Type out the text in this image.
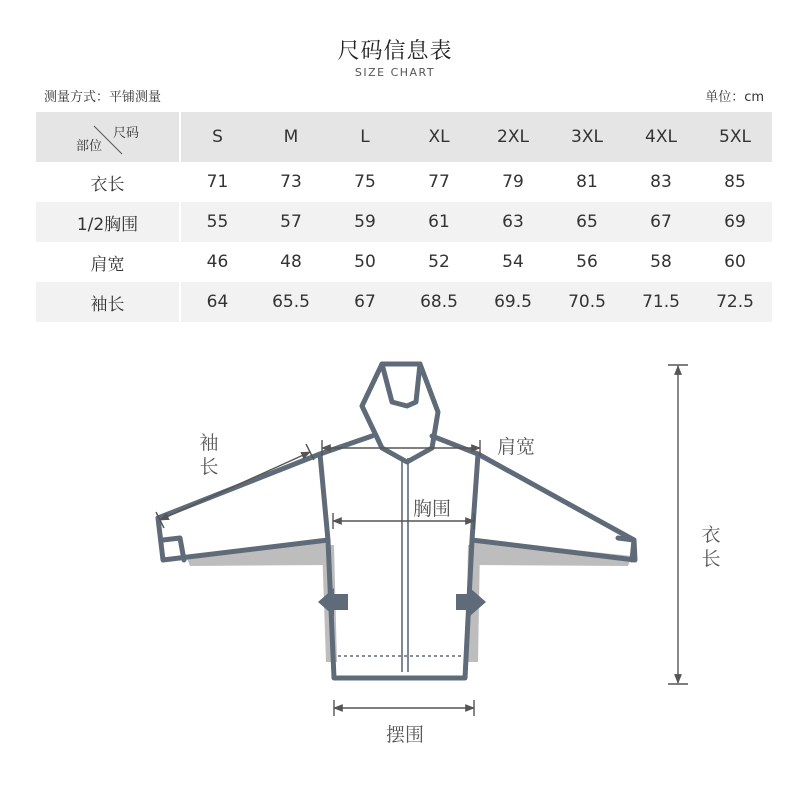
尺码信息表
SIZE CHART
测量方式：平铺测量	单位：cm
尺码
部位	S	M	L	XL	2XL	3XL	4XL	5XL
衣长	71	73	75	77	79	81	83	85
1/2胸围	55	57	59	61	63	65	67	69
肩宽	46	48	50	52	54	56	58	60
袖长	64	65.5	67	68.5	69.5	70.5	71.5	72.5
袖
长
肩宽
胸围
摆围
衣
长
